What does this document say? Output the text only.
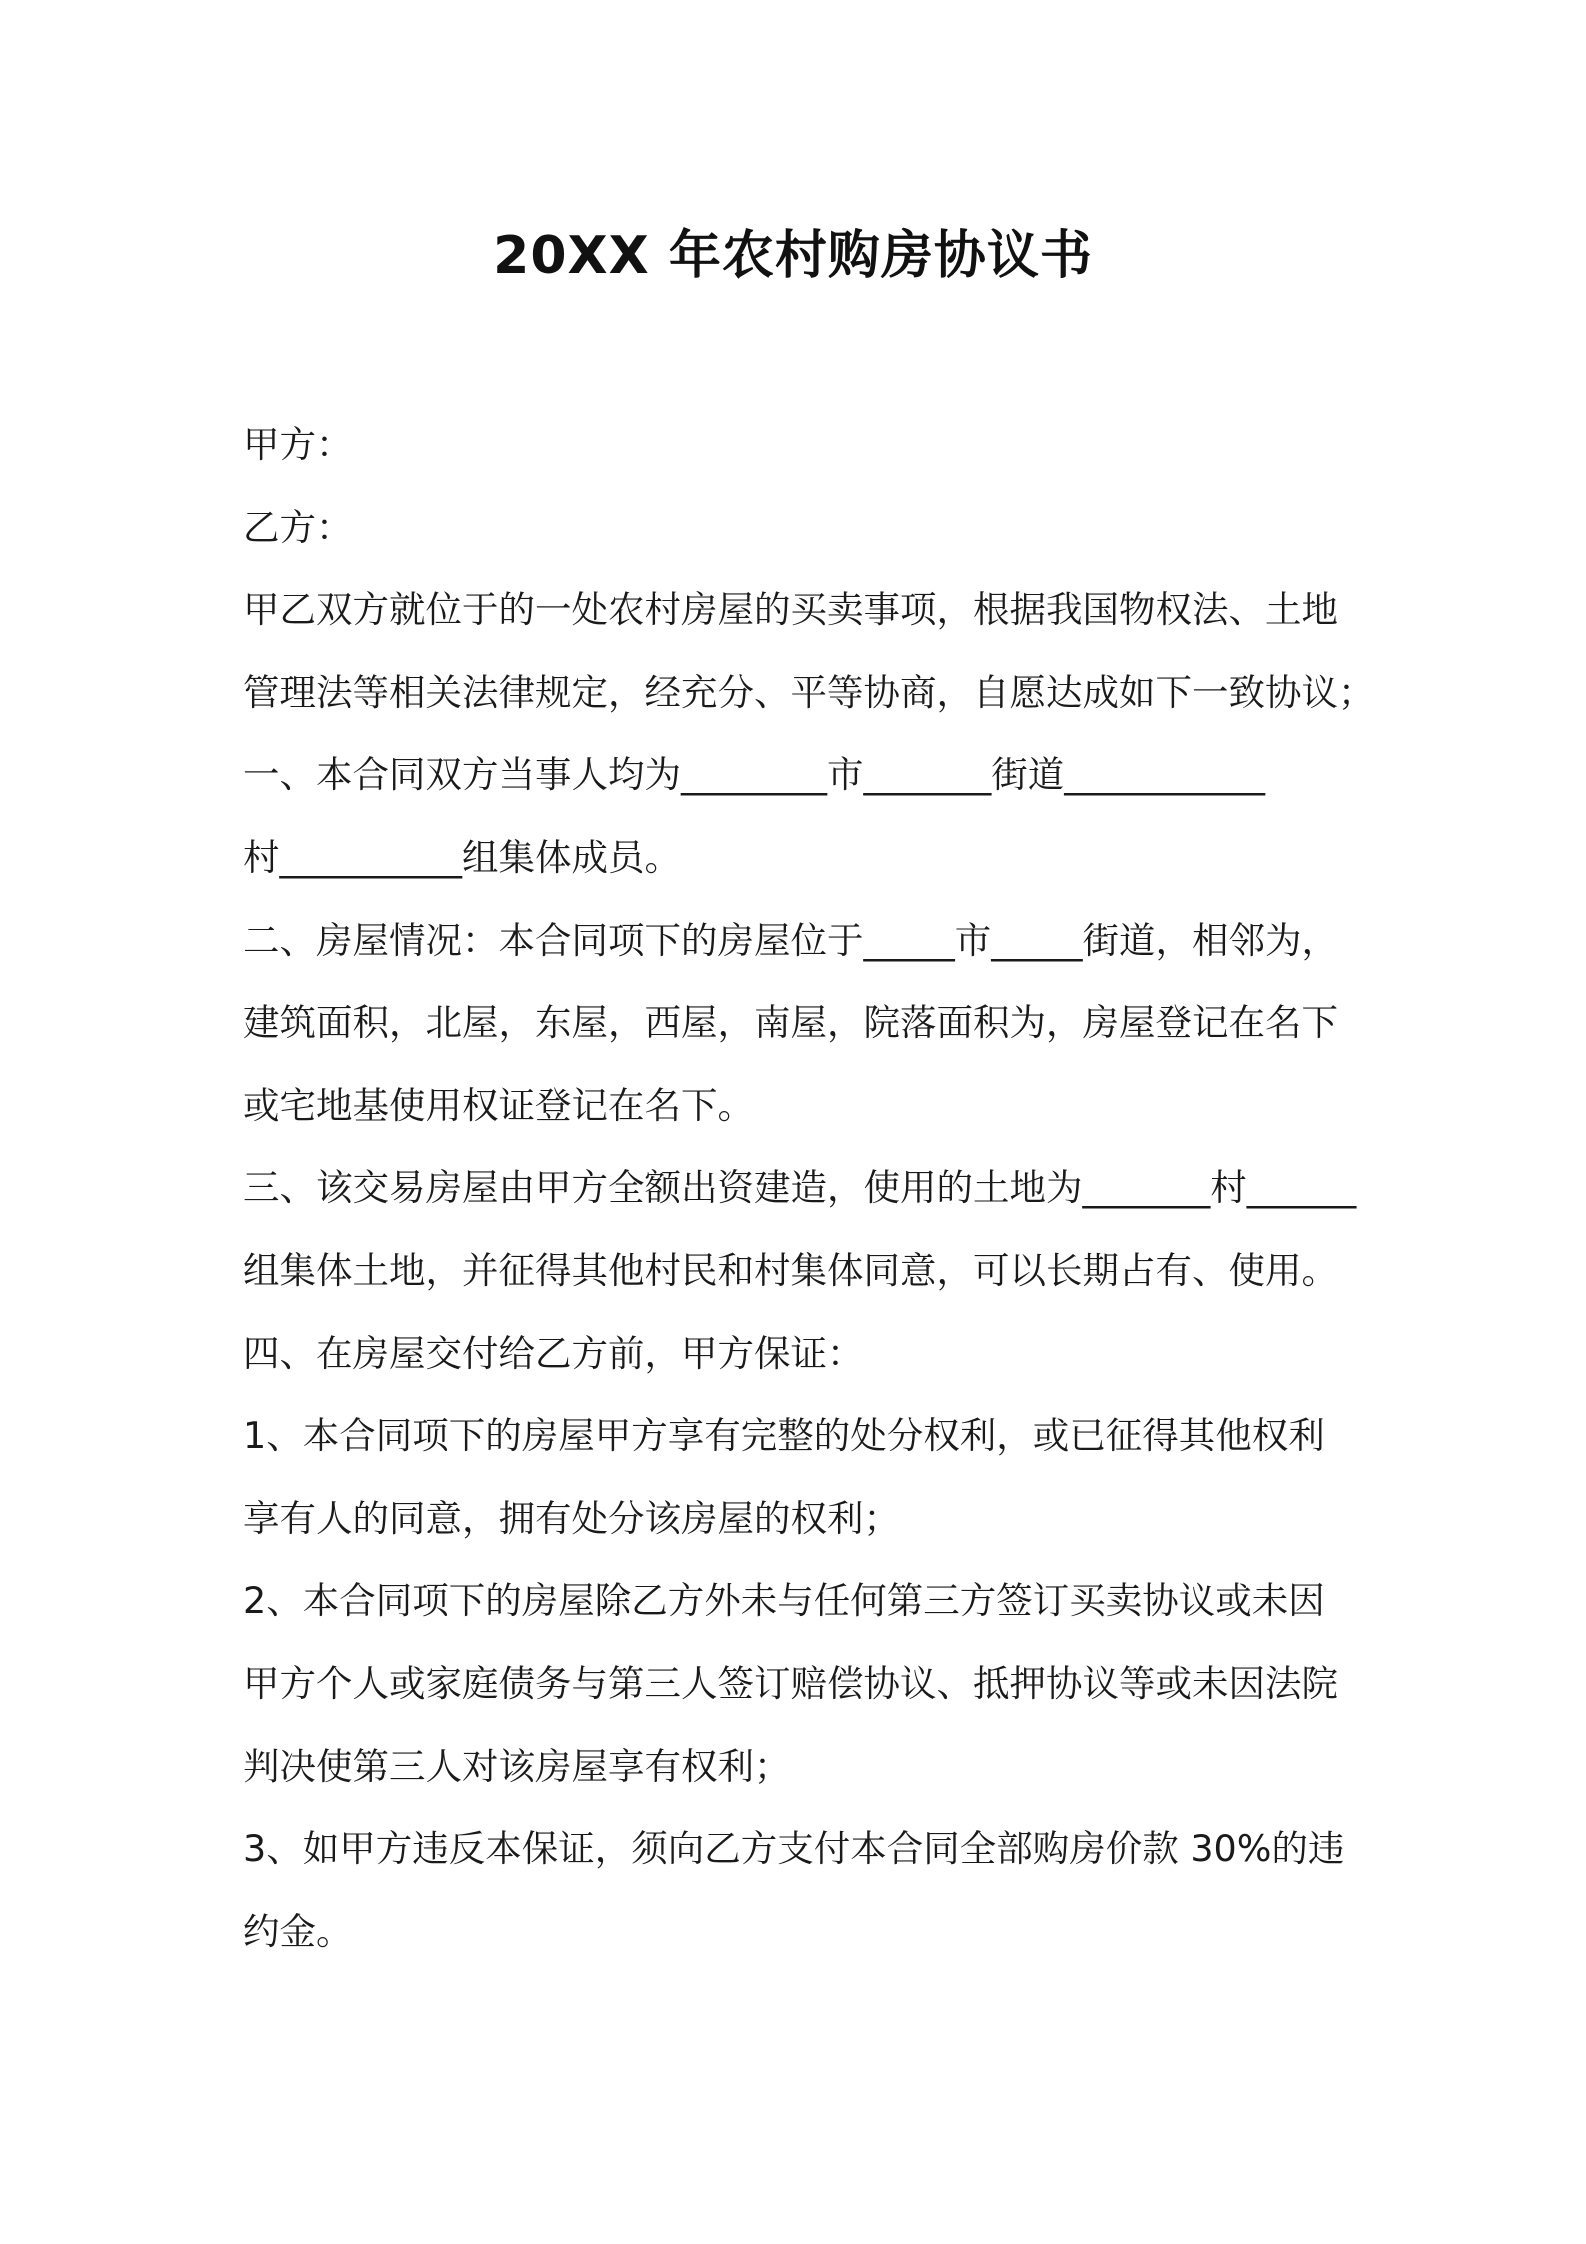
20XX 年农村购房协议书
甲方：
乙方：
甲乙双方就位于的一处农村房屋的买卖事项，根据我国物权法、土地
管理法等相关法律规定，经充分、平等协商，自愿达成如下一致协议；
一、本合同双方当事人均为________市_______街道___________
村__________组集体成员。
二、房屋情况：本合同项下的房屋位于_____市_____街道，相邻为，
建筑面积，北屋，东屋，西屋，南屋，院落面积为，房屋登记在名下
或宅地基使用权证登记在名下。
三、该交易房屋由甲方全额出资建造，使用的土地为_______村______
组集体土地，并征得其他村民和村集体同意，可以长期占有、使用。
四、在房屋交付给乙方前，甲方保证：
1、本合同项下的房屋甲方享有完整的处分权利，或已征得其他权利
享有人的同意，拥有处分该房屋的权利；
2、本合同项下的房屋除乙方外未与任何第三方签订买卖协议或未因
甲方个人或家庭债务与第三人签订赔偿协议、抵押协议等或未因法院
判决使第三人对该房屋享有权利；
3、如甲方违反本保证，须向乙方支付本合同全部购房价款 30%的违
约金。
